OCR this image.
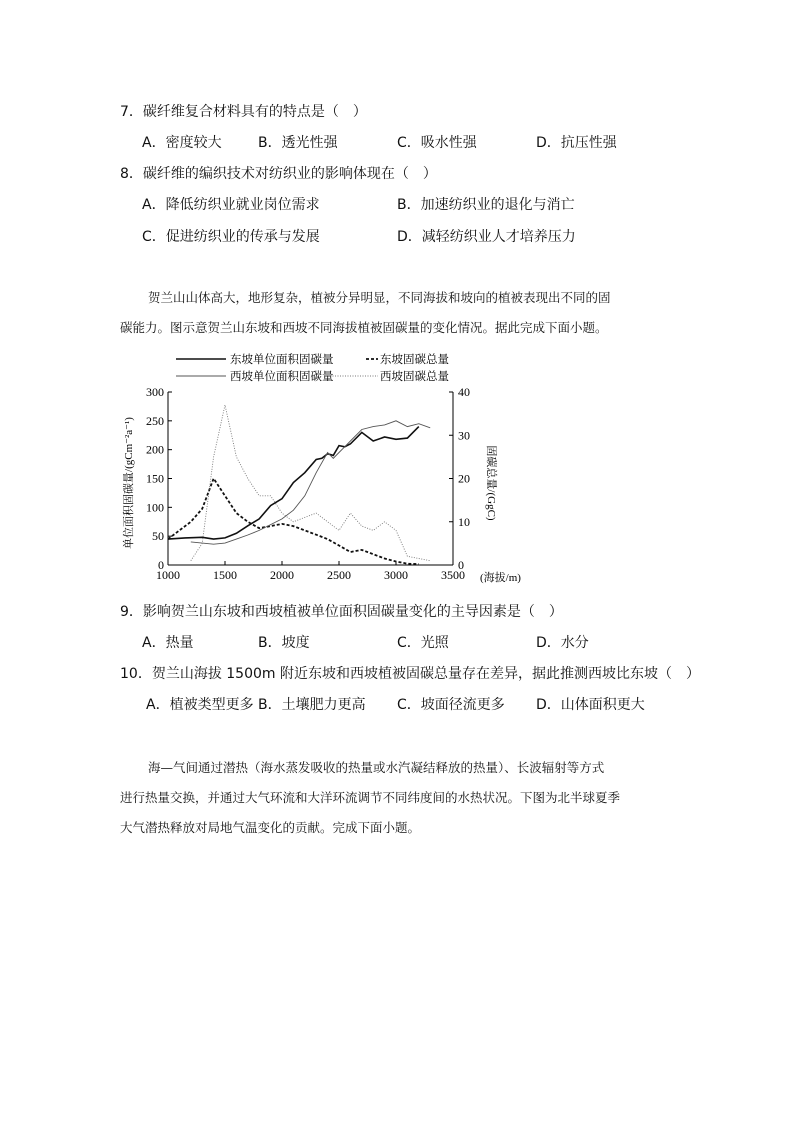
7．碳纤维复合材料具有的特点是（　）
A．密度较大	B．透光性强	C．吸水性强	D．抗压性强
8．碳纤维的编织技术对纺织业的影响体现在（　）
A．降低纺织业就业岗位需求	B．加速纺织业的退化与消亡
C．促进纺织业的传承与发展	D．减轻纺织业人才培养压力

贺兰山山体高大，地形复杂，植被分异明显，不同海拔和坡向的植被表现出不同的固

碳能力。图示意贺兰山东坡和西坡不同海拔植被固碳量的变化情况。据此完成下面小题。

东坡单位面积固碳量	东坡固碳总量
西坡单位面积固碳量	西坡固碳总量
1000	1500	2000	2500	3000	3500
0
50
100
150
200
250
300
0
10
20
30
40
单位面积固碳量/(gCm⁻²a⁻¹)	固碳总量/(GgC)
(海拔/m)
9．影响贺兰山东坡和西坡植被单位面积固碳量变化的主导因素是（　）
A．热量	B．坡度	C．光照	D．水分
10．贺兰山海拔 1500m 附近东坡和西坡植被固碳总量存在差异，据此推测西坡比东坡（　）
A．植被类型更多 B．土壤肥力更高 C．坡面径流更多 D．山体面积更大

海—气间通过潜热（海水蒸发吸收的热量或水汽凝结释放的热量）、长波辐射等方式

进行热量交换，并通过大气环流和大洋环流调节不同纬度间的水热状况。下图为北半球夏季

大气潜热释放对局地气温变化的贡献。完成下面小题。
